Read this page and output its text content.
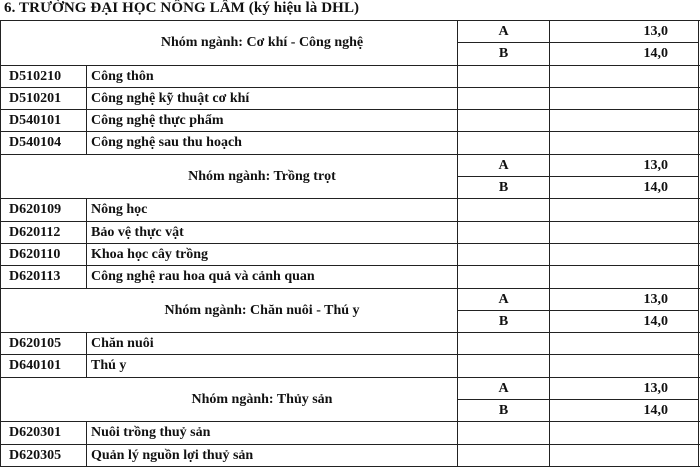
6. TRƯỜNG ĐẠI HỌC NÔNG LÂM (ký hiệu là DHL)
Nhóm ngành: Cơ khí - Công nghệ
A	13,0
B	14,0
D510210	Công thôn
D510201	Công nghệ kỹ thuật cơ khí
D540101	Công nghệ thực phẩm
D540104	Công nghệ sau thu hoạch
Nhóm ngành: Trồng trọt
A	13,0
B	14,0
D620109	Nông học
D620112	Bảo vệ thực vật
D620110	Khoa học cây trồng
D620113	Công nghệ rau hoa quả và cảnh quan
Nhóm ngành: Chăn nuôi - Thú y
A	13,0
B	14,0
D620105	Chăn nuôi
D640101	Thú y
Nhóm ngành: Thủy sản
A	13,0
B	14,0
D620301	Nuôi trồng thuỷ sản
D620305	Quản lý nguồn lợi thuỷ sản
